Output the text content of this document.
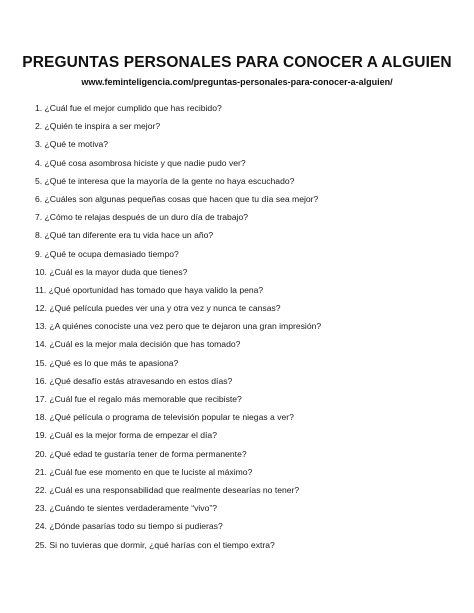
PREGUNTAS PERSONALES PARA CONOCER A ALGUIEN
www.feminteligencia.com/preguntas-personales-para-conocer-a-alguien/
1. ¿Cuál fue el mejor cumplido que has recibido?
2. ¿Quién te inspira a ser mejor?
3. ¿Qué te motiva?
4. ¿Qué cosa asombrosa hiciste y que nadie pudo ver?
5. ¿Qué te interesa que la mayoría de la gente no haya escuchado?
6. ¿Cuáles son algunas pequeñas cosas que hacen que tu día sea mejor?
7. ¿Cómo te relajas después de un duro día de trabajo?
8. ¿Qué tan diferente era tu vida hace un año?
9. ¿Qué te ocupa demasiado tiempo?
10. ¿Cuál es la mayor duda que tienes?
11. ¿Qué oportunidad has tomado que haya valido la pena?
12. ¿Qué película puedes ver una y otra vez y nunca te cansas?
13. ¿A quiénes conociste una vez pero que te dejaron una gran impresión?
14. ¿Cuál es la mejor mala decisión que has tomado?
15. ¿Qué es lo que más te apasiona?
16. ¿Qué desafío estás atravesando en estos días?
17. ¿Cuál fue el regalo más memorable que recibiste?
18. ¿Qué película o programa de televisión popular te niegas a ver?
19. ¿Cuál es la mejor forma de empezar el día?
20. ¿Qué edad te gustaría tener de forma permanente?
21. ¿Cuál fue ese momento en que te luciste al máximo?
22. ¿Cuál es una responsabilidad que realmente desearías no tener?
23. ¿Cuándo te sientes verdaderamente “vivo”?
24. ¿Dónde pasarías todo su tiempo si pudieras?
25. Si no tuvieras que dormir, ¿qué harías con el tiempo extra?
